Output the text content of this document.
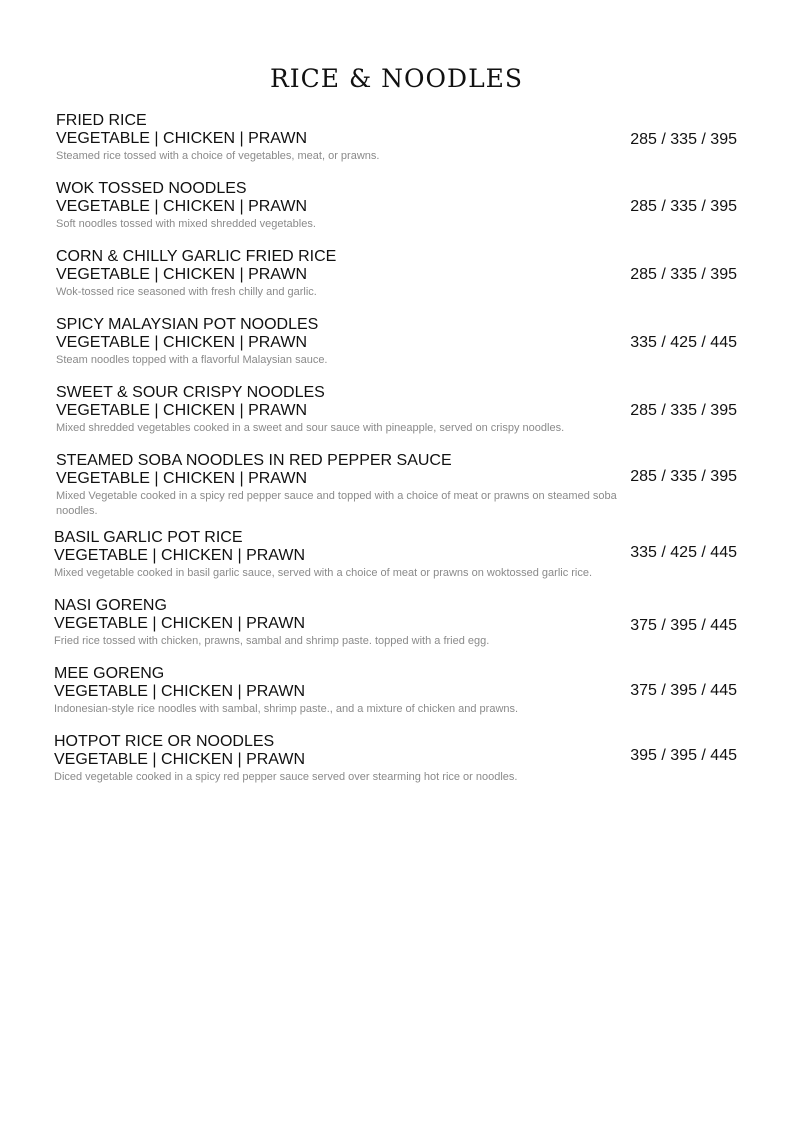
RICE & NOODLES
FRIED RICE
VEGETABLE | CHICKEN | PRAWN
Steamed rice tossed with a choice of vegetables, meat, or prawns.
285 / 335 / 395
WOK TOSSED NOODLES
VEGETABLE | CHICKEN | PRAWN
Soft noodles tossed with mixed shredded vegetables.
285 / 335 / 395
CORN & CHILLY GARLIC FRIED RICE
VEGETABLE | CHICKEN | PRAWN
Wok-tossed rice seasoned with fresh chilly and garlic.
285 / 335 / 395
SPICY MALAYSIAN POT NOODLES
VEGETABLE | CHICKEN | PRAWN
Steam noodles topped with a flavorful Malaysian sauce.
335 / 425 / 445
SWEET & SOUR CRISPY NOODLES
VEGETABLE | CHICKEN | PRAWN
Mixed shredded vegetables cooked in a sweet and sour sauce with pineapple, served on crispy noodles.
285 / 335 / 395
STEAMED SOBA NOODLES IN RED PEPPER SAUCE
VEGETABLE | CHICKEN | PRAWN
Mixed Vegetable cooked in a spicy red pepper sauce and topped with a choice of meat or prawns on steamed soba noodles.
285 / 335 / 395
BASIL GARLIC POT RICE
VEGETABLE | CHICKEN | PRAWN
Mixed vegetable cooked in basil garlic sauce, served with a choice of meat or prawns on woktossed garlic rice.
335 / 425 / 445
NASI GORENG
VEGETABLE | CHICKEN | PRAWN
Fried rice tossed with chicken, prawns, sambal and shrimp paste. topped with a fried egg.
375 / 395 / 445
MEE GORENG
VEGETABLE | CHICKEN | PRAWN
Indonesian-style rice noodles with sambal, shrimp paste., and a mixture of chicken and prawns.
375 / 395 / 445
HOTPOT RICE OR NOODLES
VEGETABLE | CHICKEN | PRAWN
Diced vegetable cooked in a spicy red pepper sauce served over stearming hot rice or noodles.
395 / 395 / 445
